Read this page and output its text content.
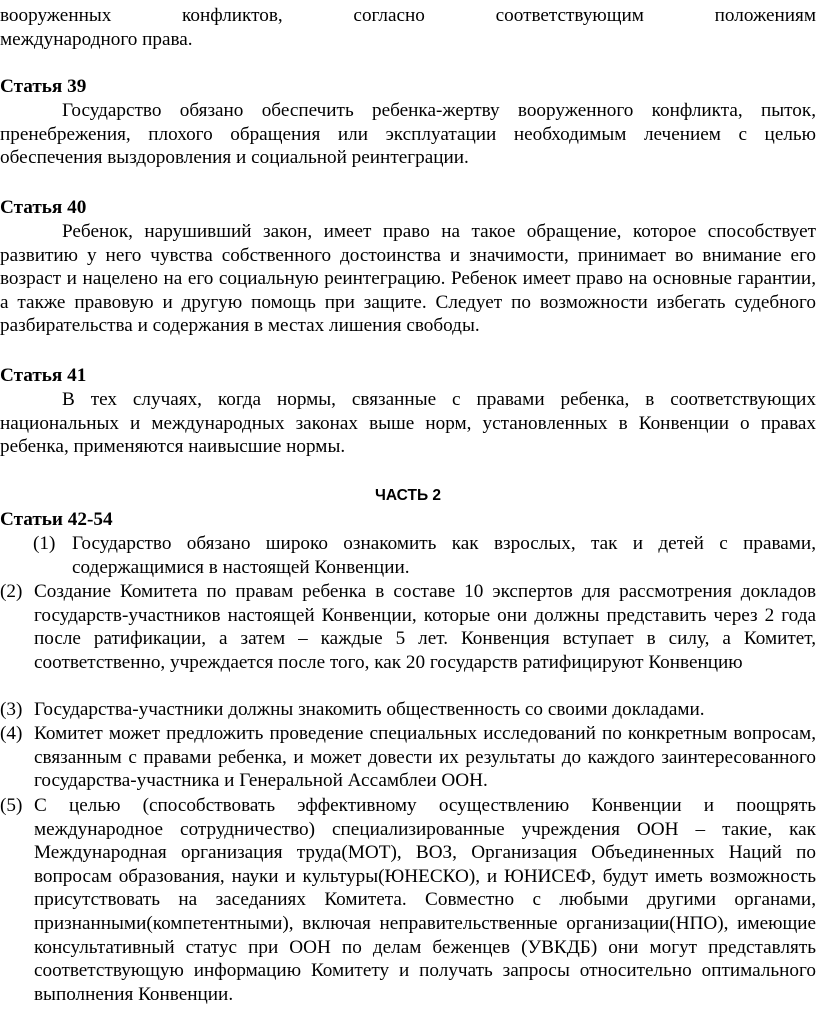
вооруженных конфликтов, согласно соответствующим положениям
международного права.
Статья 39
Государство обязано обеспечить ребенка-жертву вооруженного конфликта, пыток, пренебрежения, плохого обращения или эксплуатации необходимым лечением с целью обеспечения выздоровления и социальной реинтеграции.
Статья 40
Ребенок, нарушивший закон, имеет право на такое обращение, которое способствует развитию у него чувства собственного достоинства и значимости, принимает во внимание его возраст и нацелено на его социальную реинтеграцию. Ребенок имеет право на основные гарантии, а также правовую и другую помощь при защите. Следует по возможности избегать судебного разбирательства и содержания в местах лишения свободы.
Статья 41
В тех случаях, когда нормы, связанные с правами ребенка, в соответствующих национальных и международных законах выше норм, установленных в Конвенции о правах ребенка, применяются наивысшие нормы.
ЧАСТЬ 2
Статьи 42-54
(1) Государство обязано широко ознакомить как взрослых, так и детей с правами,
содержащимися в настоящей Конвенции.
(2) Создание Комитета по правам ребенка в составе 10 экспертов для рассмотрения докладов государств-участников настоящей Конвенции, которые они должны представить через 2 года после ратификации, а затем – каждые 5 лет. Конвенция вступает в силу, а Комитет, соответственно, учреждается после того, как 20 государств ратифицируют Конвенцию
(3) Государства-участники должны знакомить общественность со своими докладами.
(4) Комитет может предложить проведение специальных исследований по конкретным вопросам, связанным с правами ребенка, и может довести их результаты до каждого заинтересованного государства-участника и Генеральной Ассамблеи ООН.
(5) С целью (способствовать эффективному осуществлению Конвенции и поощрять международное сотрудничество) специализированные учреждения ООН – такие, как Международная организация труда(МОТ), ВОЗ, Организация Объединенных Наций по вопросам образования, науки и культуры(ЮНЕСКО), и ЮНИСЕФ, будут иметь возможность присутствовать на заседаниях Комитета. Совместно с любыми другими органами, признанными(компетентными), включая неправительственные организации(НПО), имеющие консультативный статус при ООН по делам беженцев (УВКДБ) они могут представлять соответствующую информацию Комитету и получать запросы относительно оптимального выполнения Конвенции.
